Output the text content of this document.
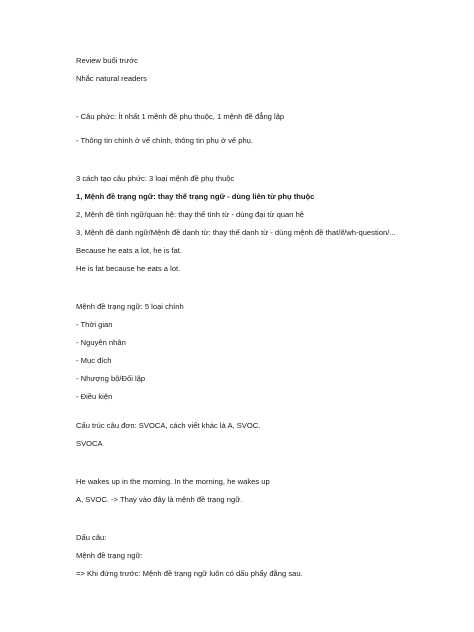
Review buổi trước
Nhắc natural readers
- Câu phức: Ít nhất 1 mệnh đề phụ thuộc, 1 mệnh đề đẳng lập
- Thông tin chính ở vế chính, thông tin phụ ở vế phụ.
3 cách tạo câu phức: 3 loại mệnh đề phụ thuộc
1, Mệnh đề trạng ngữ: thay thế trạng ngữ - dùng liên từ phụ thuộc
2, Mệnh đề tính ngữ/quan hệ: thay thế tính từ - dùng đại từ quan hệ
3, Mệnh đề danh ngữ/Mệnh đề danh từ: thay thế danh từ - dùng mệnh đề that/if/wh-question/...
Because he eats a lot, he is fat.
He is fat because he eats a lot.
Mệnh đề trạng ngữ: 5 loại chính
- Thời gian
- Nguyên nhân
- Mục đích
- Nhượng bộ/Đối lập
- Điều kiện
Cấu trúc câu đơn: SVOCA, cách viết khác là A, SVOC.
SVOCA
He wakes up in the morning. In the morning, he wakes up
A, SVOC. -> Thay vào đây là mệnh đề trạng ngữ.
Dấu câu:
Mệnh đề trạng ngữ:
=> Khi đứng trước: Mệnh đề trạng ngữ luôn có dấu phẩy đằng sau.
